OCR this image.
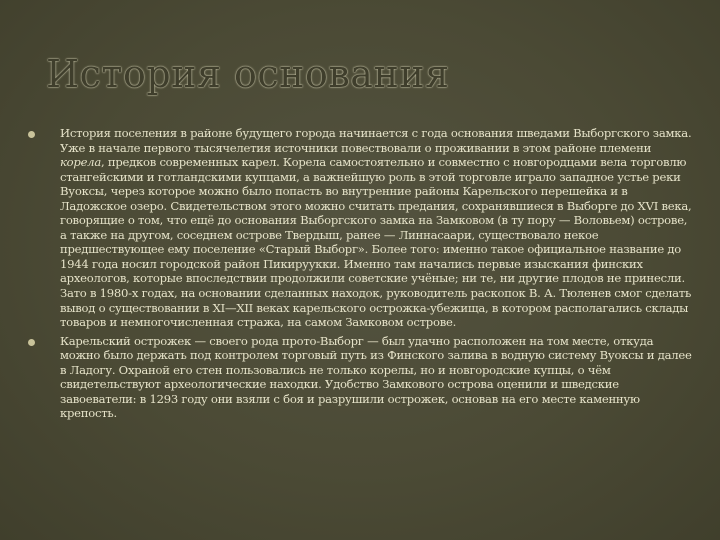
История основания

История поселения в районе будущего города начинается с года основания шведами Выборгского замка. Уже в начале первого тысячелетия источники повествовали о проживании в этом районе племени корела, предков современных карел. Корела самостоятельно и совместно с новгородцами вела торговлю стангейскими и готландскими купцами, а важнейшую роль в этой торговле играло западное устье реки Вуоксы, через которое можно было попасть во внутренние районы Карельского перешейка и в Ладожское озеро. Свидетельством этого можно считать предания, сохранявшиеся в Выборге до XVI века, говорящие о том, что ещё до основания Выборгского замка на Замковом (в ту пору — Воловьем) острове, а также на другом, соседнем острове Твердыш, ранее — Линнасаари, существовало некое предшествующее ему поселение «Старый Выборг». Более того: именно такое официальное название до 1944 года носил городской район Пикируукки. Именно там начались первые изыскания финских археологов, которые впоследствии продолжили советские учёные; ни те, ни другие плодов не принесли. Зато в 1980-х годах, на основании сделанных находок, руководитель раскопок В. А. Тюленев смог сделать вывод о существовании в XI—XII веках карельского острожка-убежища, в котором располагались склады товаров и немногочисленная стража, на самом Замковом острове.

Карельский острожек — своего рода прото-Выборг — был удачно расположен на том месте, откуда можно было держать под контролем торговый путь из Финского залива в водную систему Вуоксы и далее в Ладогу. Охраной его стен пользовались не только корелы, но и новгородские купцы, о чём свидетельствуют археологические находки. Удобство Замкового острова оценили и шведские завоеватели: в 1293 году они взяли с боя и разрушили острожек, основав на его месте каменную крепость.
